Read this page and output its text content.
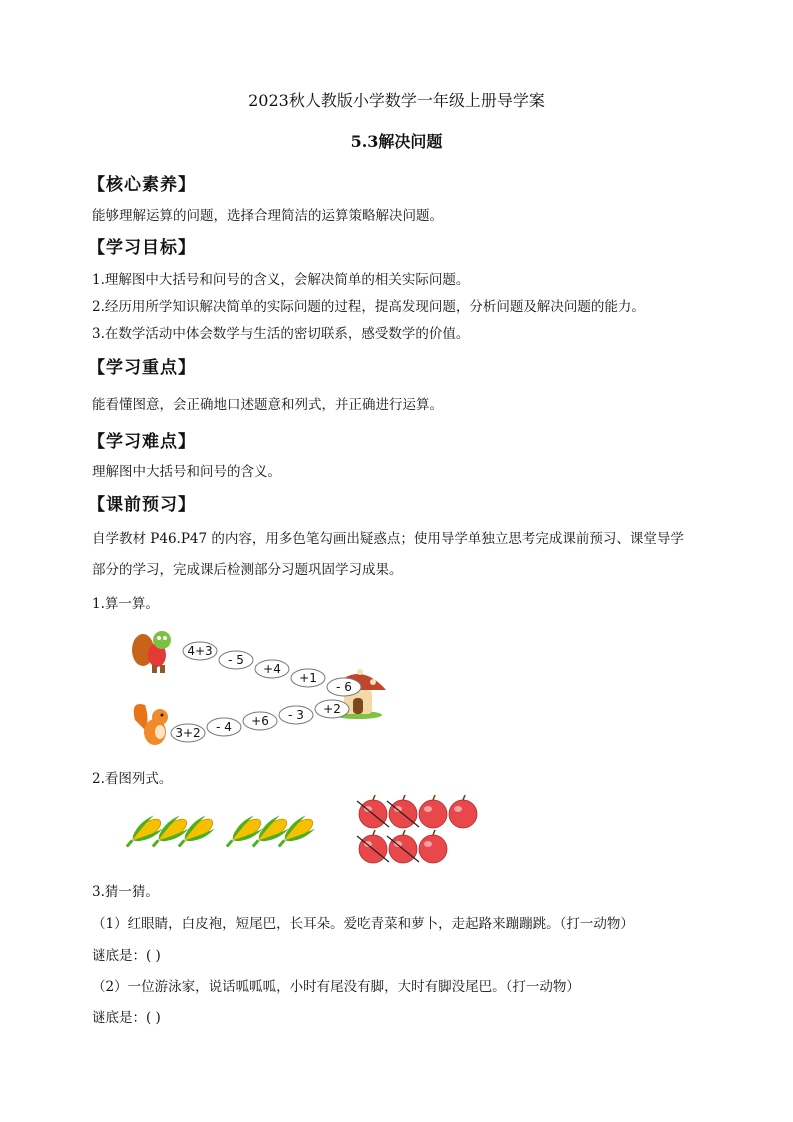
2023秋人教版小学数学一年级上册导学案
5.3解决问题
【核心素养】
能够理解运算的问题，选择合理简洁的运算策略解决问题。
【学习目标】
1.理解图中大括号和问号的含义，会解决简单的相关实际问题。
2.经历用所学知识解决简单的实际问题的过程，提高发现问题，分析问题及解决问题的能力。
3.在数学活动中体会数学与生活的密切联系，感受数学的价值。
【学习重点】
能看懂图意，会正确地口述题意和列式，并正确进行运算。
【学习难点】
理解图中大括号和问号的含义。
【课前预习】
自学教材 P46.P47 的内容，用多色笔勾画出疑惑点；使用导学单独立思考完成课前预习、课堂导学
部分的学习，完成课后检测部分习题巩固学习成果。
1.算一算。
4+3
- 5
+4
+1
- 6
3+2 - 4 +6 - 3 +2
2.看图列式。
3.猜一猜。
（1）红眼睛，白皮袍，短尾巴，长耳朵。爱吃青菜和萝卜，走起路来蹦蹦跳。（打一动物）
谜底是：( )
（2）一位游泳家，说话呱呱呱，小时有尾没有脚，大时有脚没尾巴。（打一动物）
谜底是：( )
